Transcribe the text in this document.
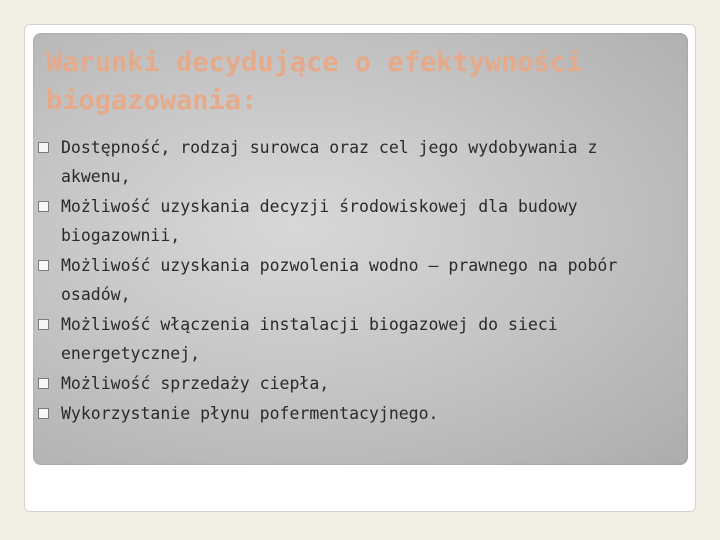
Warunki decydujące o efektywności biogazowania:
Dostępność, rodzaj surowca oraz cel jego wydobywania z akwenu,
Możliwość uzyskania decyzji środowiskowej dla budowy biogazownii,
Możliwość uzyskania pozwolenia wodno – prawnego na pobór osadów,
Możliwość włączenia instalacji biogazowej do sieci energetycznej,
Możliwość sprzedaży ciepła,
Wykorzystanie płynu pofermentacyjnego.
